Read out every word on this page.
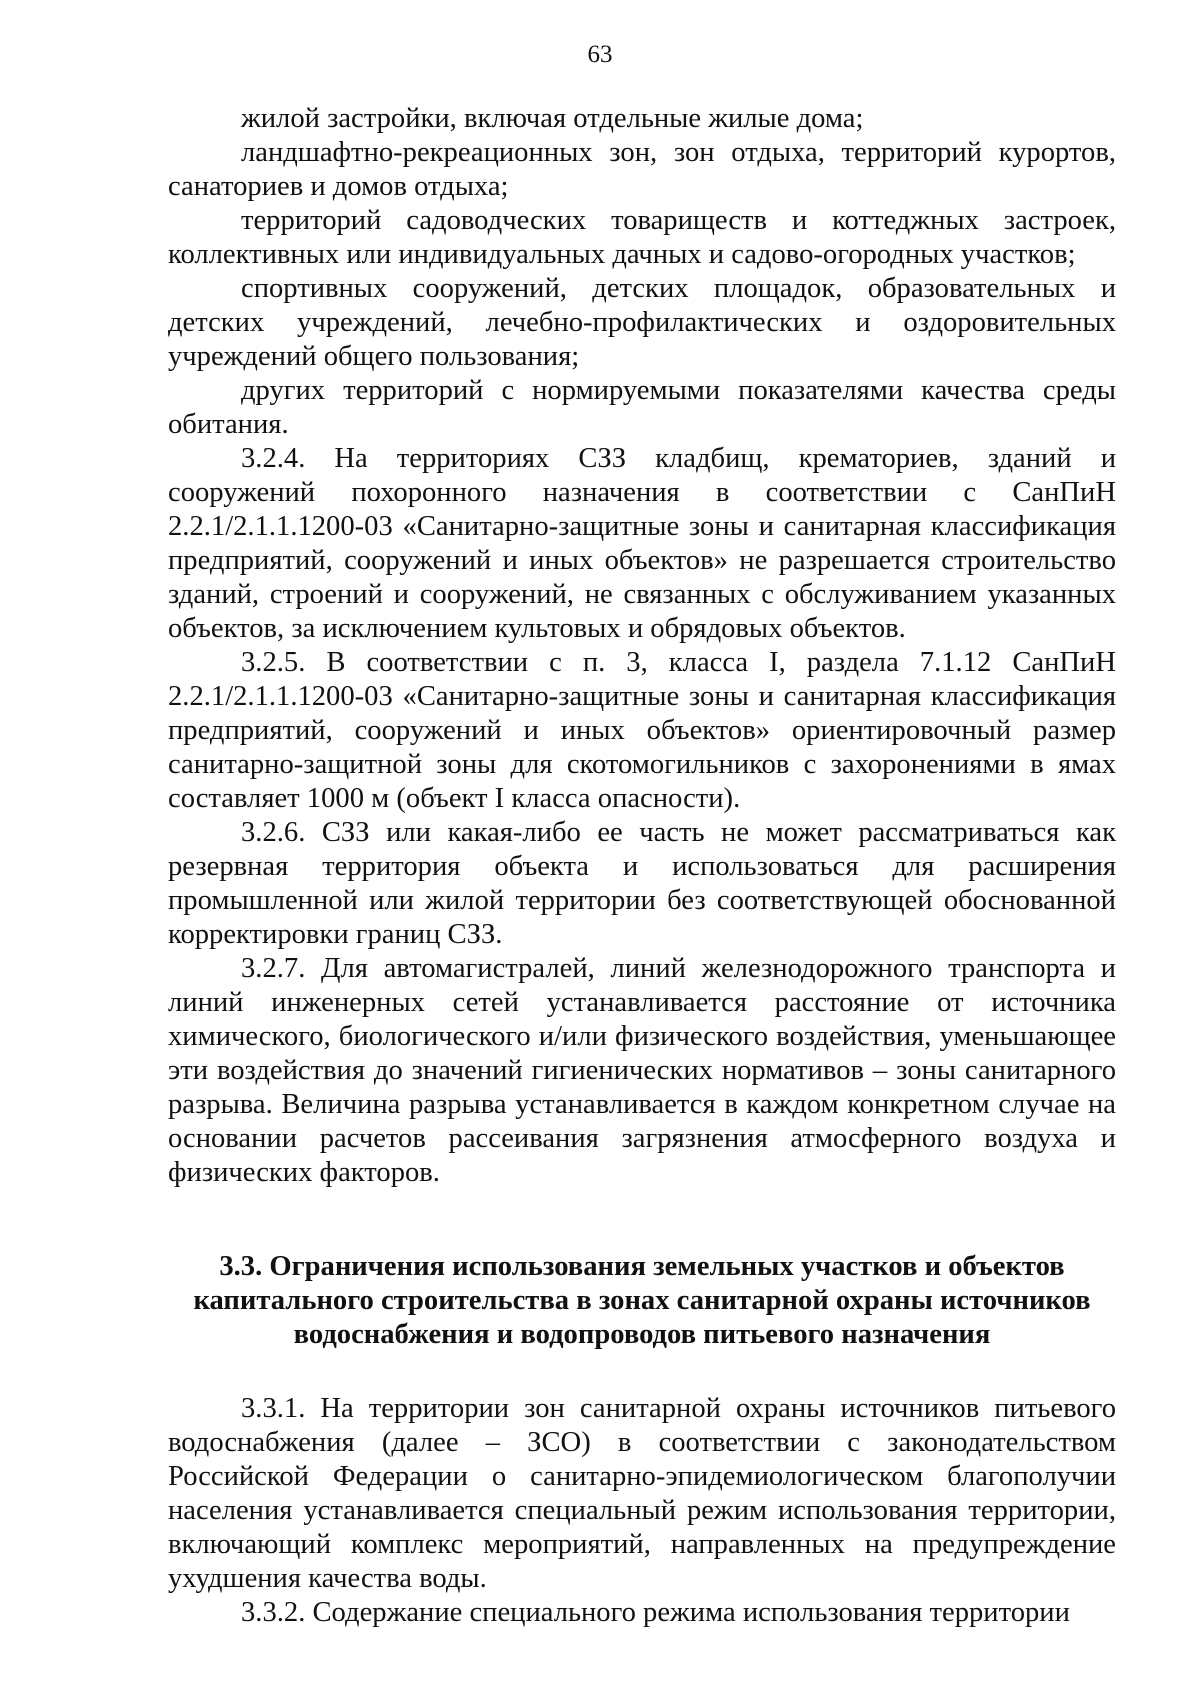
63

жилой застройки, включая отдельные жилые дома;

ландшафтно-рекреационных зон, зон отдыха, территорий курортов, санаториев и домов отдыха;

территорий садоводческих товариществ и коттеджных застроек, коллективных или индивидуальных дачных и садово-огородных участков;

спортивных сооружений, детских площадок, образовательных и детских учреждений, лечебно-профилактических и оздоровительных учреждений общего пользования;

других территорий с нормируемыми показателями качества среды обитания.

3.2.4. На территориях СЗЗ кладбищ, крематориев, зданий и сооружений похоронного назначения в соответствии с СанПиН 2.2.1/2.1.1.1200-03 «Санитарно-защитные зоны и санитарная классификация предприятий, сооружений и иных объектов» не разрешается строительство зданий, строений и сооружений, не связанных с обслуживанием указанных объектов, за исключением культовых и обрядовых объектов.

3.2.5. В соответствии с п. 3, класса I, раздела 7.1.12 СанПиН 2.2.1/2.1.1.1200-03 «Санитарно-защитные зоны и санитарная классификация предприятий, сооружений и иных объектов» ориентировочный размер санитарно-защитной зоны для скотомогильников с захоронениями в ямах составляет 1000 м (объект I класса опасности).

3.2.6. СЗЗ или какая-либо ее часть не может рассматриваться как резервная территория объекта и использоваться для расширения промышленной или жилой территории без соответствующей обоснованной корректировки границ СЗЗ.

3.2.7. Для автомагистралей, линий железнодорожного транспорта и линий инженерных сетей устанавливается расстояние от источника химического, биологического и/или физического воздействия, уменьшающее эти воздействия до значений гигиенических нормативов – зоны санитарного разрыва. Величина разрыва устанавливается в каждом конкретном случае на основании расчетов рассеивания загрязнения атмосферного воздуха и физических факторов.

3.3. Ограничения использования земельных участков и объектов капитального строительства в зонах санитарной охраны источников водоснабжения и водопроводов питьевого назначения

3.3.1. На территории зон санитарной охраны источников питьевого водоснабжения (далее – ЗСО) в соответствии с законодательством Российской Федерации о санитарно-эпидемиологическом благополучии населения устанавливается специальный режим использования территории, включающий комплекс мероприятий, направленных на предупреждение ухудшения качества воды.

3.3.2. Содержание специального режима использования территории
